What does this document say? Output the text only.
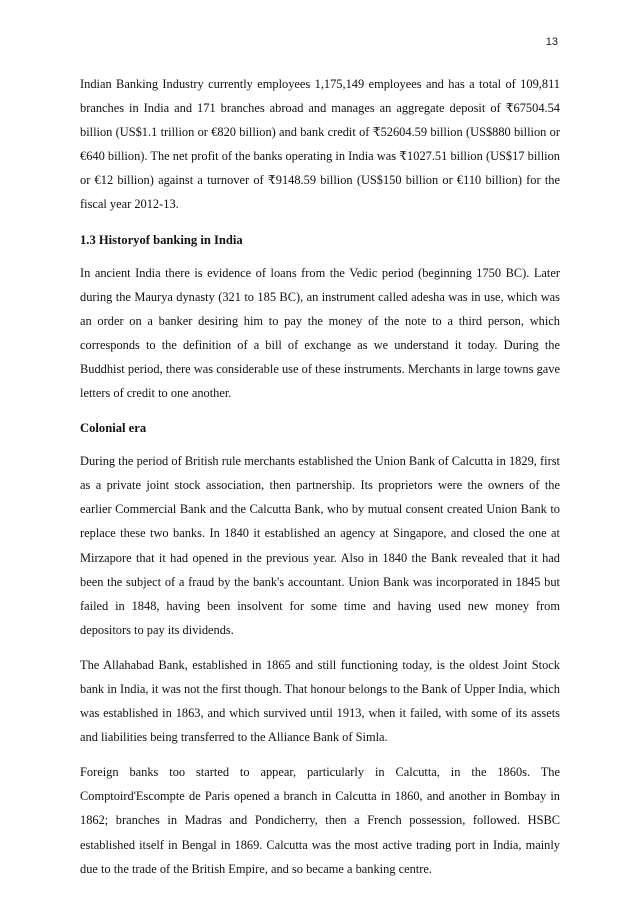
13

Indian Banking Industry currently employees 1,175,149 employees and has a total of 109,811 branches in India and 171 branches abroad and manages an aggregate deposit of ₹67504.54 billion (US$1.1 trillion or €820 billion) and bank credit of ₹52604.59 billion (US$880 billion or €640 billion). The net profit of the banks operating in India was ₹1027.51 billion (US$17 billion or €12 billion) against a turnover of ₹9148.59 billion (US$150 billion or €110 billion) for the fiscal year 2012-13.

1.3 Historyof banking in India

In ancient India there is evidence of loans from the Vedic period (beginning 1750 BC). Later during the Maurya dynasty (321 to 185 BC), an instrument called adesha was in use, which was an order on a banker desiring him to pay the money of the note to a third person, which corresponds to the definition of a bill of exchange as we understand it today. During the Buddhist period, there was considerable use of these instruments. Merchants in large towns gave letters of credit to one another.

Colonial era

During the period of British rule merchants established the Union Bank of Calcutta in 1829, first as a private joint stock association, then partnership. Its proprietors were the owners of the earlier Commercial Bank and the Calcutta Bank, who by mutual consent created Union Bank to replace these two banks. In 1840 it established an agency at Singapore, and closed the one at Mirzapore that it had opened in the previous year. Also in 1840 the Bank revealed that it had been the subject of a fraud by the bank's accountant. Union Bank was incorporated in 1845 but failed in 1848, having been insolvent for some time and having used new money from depositors to pay its dividends.

The Allahabad Bank, established in 1865 and still functioning today, is the oldest Joint Stock bank in India, it was not the first though. That honour belongs to the Bank of Upper India, which was established in 1863, and which survived until 1913, when it failed, with some of its assets and liabilities being transferred to the Alliance Bank of Simla.

Foreign banks too started to appear, particularly in Calcutta, in the 1860s. The Comptoird'Escompte de Paris opened a branch in Calcutta in 1860, and another in Bombay in 1862; branches in Madras and Pondicherry, then a French possession, followed. HSBC established itself in Bengal in 1869. Calcutta was the most active trading port in India, mainly due to the trade of the British Empire, and so became a banking centre.
